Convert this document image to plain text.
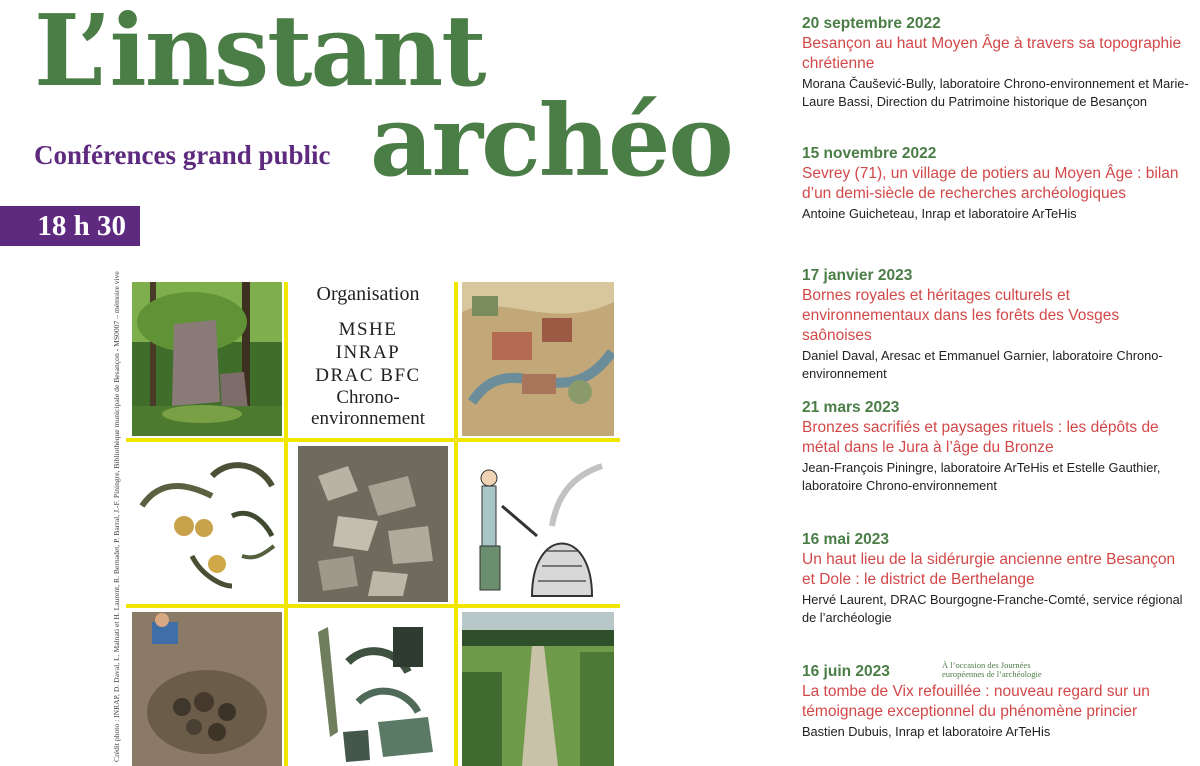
L’instant
archéo
Conférences grand public
18 h 30
Crédit photo : INRAP, D. Daval, L. Malnati et H. Laurent, R. Bernadet, P. Barral, J.-F. Piningre, Bibliothèque municipale de Besançon - MS0007 – mémoire vive	Organisation
MSHE
INRAP
DRAC BFC
Chrono-environnement
20 septembre 2022
Besançon au haut Moyen Âge à travers sa topographie chrétienne
Morana Čaušević-Bully, laboratoire Chrono-environnement et Marie-Laure Bassi, Direction du Patrimoine historique de Besançon
15 novembre 2022
Sevrey (71), un village de potiers au Moyen Âge : bilan d’un demi-siècle de recherches archéologiques
Antoine Guicheteau, Inrap et laboratoire ArTeHis
17 janvier 2023
Bornes royales et héritages culturels et environnementaux dans les forêts des Vosges saônoises
Daniel Daval, Aresac et Emmanuel Garnier, laboratoire Chrono-environnement
21 mars 2023
Bronzes sacrifiés et paysages rituels : les dépôts de métal dans le Jura à l’âge du Bronze
Jean-François Piningre, laboratoire ArTeHis et Estelle Gauthier, laboratoire Chrono-environnement
16 mai 2023
Un haut lieu de la sidérurgie ancienne entre Besançon et Dole : le district de Berthelange
Hervé Laurent, DRAC Bourgogne-Franche-Comté, service régional de l’archéologie
À l’occasion des Journées européennes de l’archéologie
16 juin 2023
La tombe de Vix refouillée : nouveau regard sur un témoignage exceptionnel du phénomène princier
Bastien Dubuis, Inrap et laboratoire ArTeHis
